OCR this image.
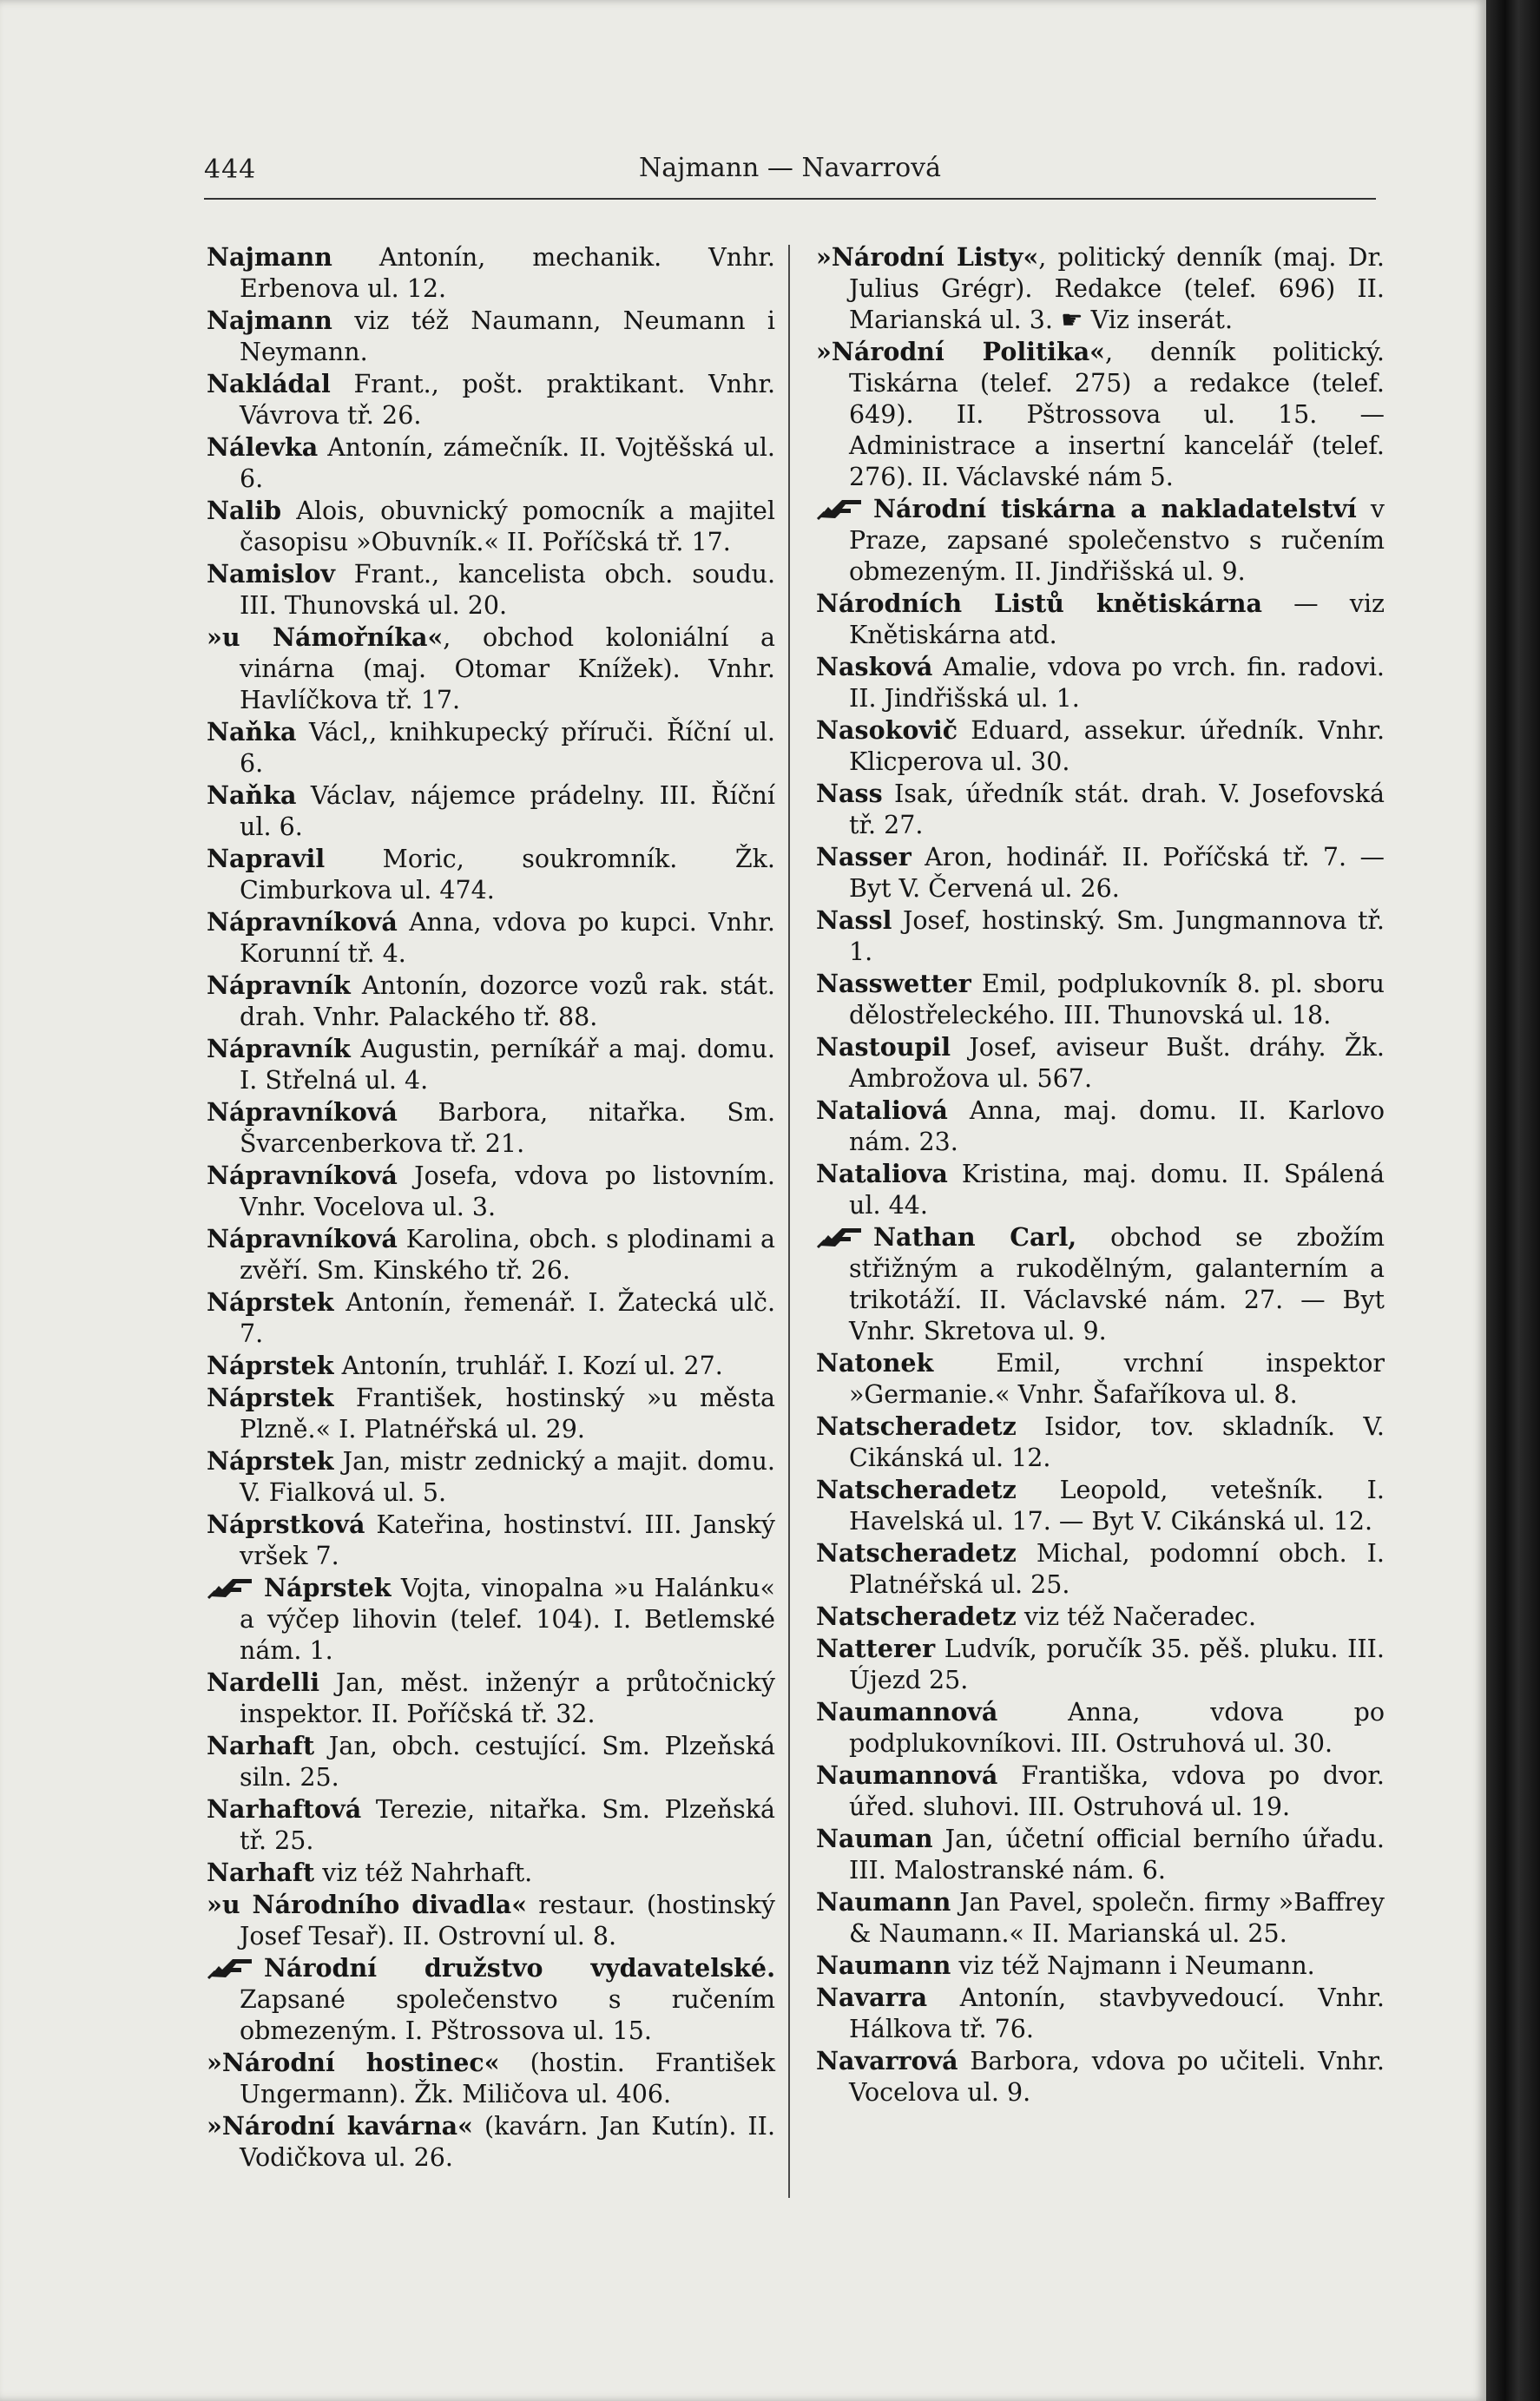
444	Najmann — Navarrová

Najmann Antonín, mechanik. Vnhr. Erbenova ul. 12.

Najmann viz též Naumann, Neumann i Neymann.

Nakládal Frant., pošt. praktikant. Vnhr. Vávrova tř. 26.

Nálevka Antonín, zámečník. II. Vojtěšská ul. 6.

Nalib Alois, obuvnický pomocník a majitel časopisu »Obuvník.« II. Poříčská tř. 17.

Namislov Frant., kancelista obch. soudu. III. Thunovská ul. 20.

»u Námořníka«, obchod koloniální a vinárna (maj. Otomar Knížek). Vnhr. Havlíčkova tř. 17.

Naňka Václ,, knihkupecký příruči. Říční ul. 6.

Naňka Václav, nájemce prádelny. III. Říční ul. 6.

Napravil Moric, soukromník. Žk. Cimburkova ul. 474.

Nápravníková Anna, vdova po kupci. Vnhr. Korunní tř. 4.

Nápravník Antonín, dozorce vozů rak. stát. drah. Vnhr. Palackého tř. 88.

Nápravník Augustin, perníkář a maj. domu. I. Střelná ul. 4.

Nápravníková Barbora, nitařka. Sm. Švarcenberkova tř. 21.

Nápravníková Josefa, vdova po listovním. Vnhr. Vocelova ul. 3.

Nápravníková Karolina, obch. s plodinami a zvěří. Sm. Kinského tř. 26.

Náprstek Antonín, řemenář. I. Žatecká ulč. 7.

Náprstek Antonín, truhlář. I. Kozí ul. 27.

Náprstek František, hostinský »u města Plzně.« I. Platnéřská ul. 29.

Náprstek Jan, mistr zednický a majit. domu. V. Fialková ul. 5.

Náprstková Kateřina, hostinství. III. Janský vršek 7.

Náprstek Vojta, vinopalna »u Halánku« a výčep lihovin (telef. 104). I. Betlemské nám. 1.

Nardelli Jan, měst. inženýr a průtočnický inspektor. II. Poříčská tř. 32.

Narhaft Jan, obch. cestující. Sm. Plzeňská siln. 25.

Narhaftová Terezie, nitařka. Sm. Plzeňská tř. 25.

Narhaft viz též Nahrhaft.

»u Národního divadla« restaur. (hostinský Josef Tesař). II. Ostrovní ul. 8.

Národní družstvo vydavatelské. Zapsané společenstvo s ručením obmezeným. I. Pštrossova ul. 15.

»Národní hostinec« (hostin. František Ungermann). Žk. Miličova ul. 406.

»Národní kavárna« (kavárn. Jan Kutín). II. Vodičkova ul. 26.

»Národní Listy«, politický denník (maj. Dr. Julius Grégr). Redakce (telef. 696) II. Marianská ul. 3. ☛ Viz inserát.

»Národní Politika«, denník politický. Tiskárna (telef. 275) a redakce (telef. 649). II. Pštrossova ul. 15. — Administrace a insertní kancelář (telef. 276). II. Václavské nám 5.

Národní tiskárna a nakladatelství v Praze, zapsané společenstvo s ručením obmezeným. II. Jindřišská ul. 9.

Národních Listů knětiskárna — viz Knětiskárna atd.

Nasková Amalie, vdova po vrch. fin. radovi. II. Jindřišská ul. 1.

Nasokovič Eduard, assekur. úředník. Vnhr. Klicperova ul. 30.

Nass Isak, úředník stát. drah. V. Josefovská tř. 27.

Nasser Aron, hodinář. II. Poříčská tř. 7. — Byt V. Červená ul. 26.

Nassl Josef, hostinský. Sm. Jungmannova tř. 1.

Nasswetter Emil, podplukovník 8. pl. sboru dělostřeleckého. III. Thunovská ul. 18.

Nastoupil Josef, aviseur Bušt. dráhy. Žk. Ambrožova ul. 567.

Nataliová Anna, maj. domu. II. Karlovo nám. 23.

Nataliova Kristina, maj. domu. II. Spálená ul. 44.

Nathan Carl, obchod se zbožím střižným a rukodělným, galanterním a trikotáží. II. Václavské nám. 27. — Byt Vnhr. Skretova ul. 9.

Natonek Emil, vrchní inspektor »Germanie.« Vnhr. Šafaříkova ul. 8.

Natscheradetz Isidor, tov. skladník. V. Cikánská ul. 12.

Natscheradetz Leopold, vetešník. I. Havelská ul. 17. — Byt V. Cikánská ul. 12.

Natscheradetz Michal, podomní obch. I. Platnéřská ul. 25.

Natscheradetz viz též Načeradec.

Natterer Ludvík, poručík 35. pěš. pluku. III. Újezd 25.

Naumannová Anna, vdova po podplukovníkovi. III. Ostruhová ul. 30.

Naumannová Františka, vdova po dvor. úřed. sluhovi. III. Ostruhová ul. 19.

Nauman Jan, účetní official berního úřadu. III. Malostranské nám. 6.

Naumann Jan Pavel, společn. firmy »Baffrey & Naumann.« II. Marianská ul. 25.

Naumann viz též Najmann i Neumann.

Navarra Antonín, stavbyvedoucí. Vnhr. Hálkova tř. 76.

Navarrová Barbora, vdova po učiteli. Vnhr. Vocelova ul. 9.
